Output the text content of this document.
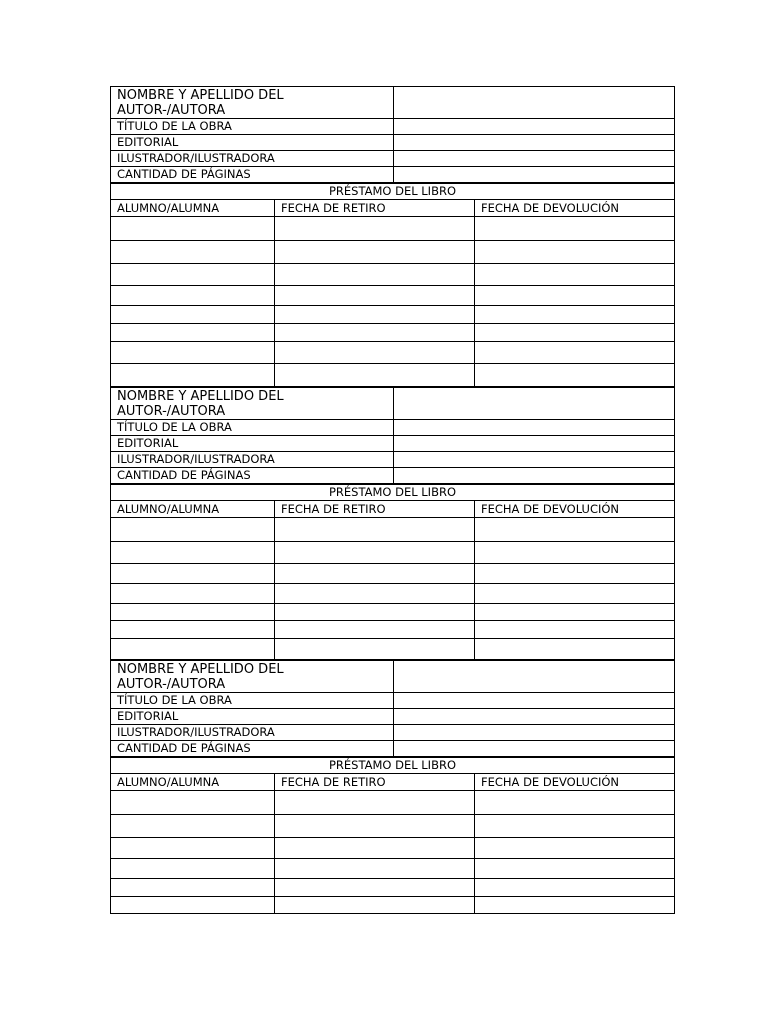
NOMBRE Y APELLIDO DEL AUTOR-/AUTORA	
TÍTULO DE LA OBRA	
EDITORIAL	
ILUSTRADOR/ILUSTRADORA	
CANTIDAD DE PÁGINAS	
PRÉSTAMO DEL LIBRO		
ALUMNO/ALUMNA	FECHA DE RETIRO	FECHA DE DEVOLUCIÓN

NOMBRE Y APELLIDO DEL AUTOR-/AUTORA	
TÍTULO DE LA OBRA	
EDITORIAL	
ILUSTRADOR/ILUSTRADORA	
CANTIDAD DE PÁGINAS	
PRÉSTAMO DEL LIBRO		
ALUMNO/ALUMNA	FECHA DE RETIRO	FECHA DE DEVOLUCIÓN

NOMBRE Y APELLIDO DEL AUTOR-/AUTORA	
TÍTULO DE LA OBRA	
EDITORIAL	
ILUSTRADOR/ILUSTRADORA	
CANTIDAD DE PÁGINAS	
PRÉSTAMO DEL LIBRO		
ALUMNO/ALUMNA	FECHA DE RETIRO	FECHA DE DEVOLUCIÓN
